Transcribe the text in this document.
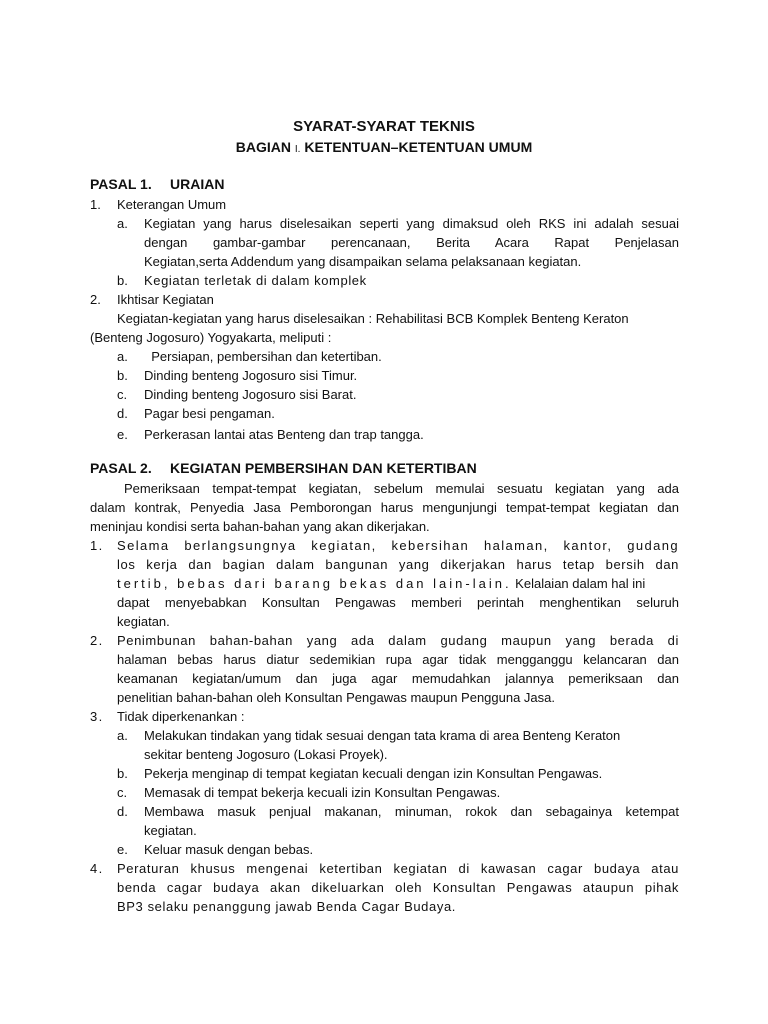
SYARAT-SYARAT TEKNIS
BAGIAN I. KETENTUAN–KETENTUAN UMUM
PASAL 1. URAIAN
1. Keterangan Umum
a. Kegiatan yang harus diselesaikan seperti yang dimaksud oleh RKS ini adalah sesuai
dengan gambar-gambar perencanaan, Berita Acara Rapat Penjelasan
Kegiatan,serta Addendum yang disampaikan selama pelaksanaan kegiatan.
b. Kegiatan terletak di dalam komplek
2. Ikhtisar Kegiatan
Kegiatan-kegiatan yang harus diselesaikan : Rehabilitasi BCB Komplek Benteng Keraton
(Benteng Jogosuro) Yogyakarta, meliputi :
a. Persiapan, pembersihan dan ketertiban.
b. Dinding benteng Jogosuro sisi Timur.
c. Dinding benteng Jogosuro sisi Barat.
d. Pagar besi pengaman.
e. Perkerasan lantai atas Benteng dan trap tangga.
PASAL 2. KEGIATAN PEMBERSIHAN DAN KETERTIBAN
Pemeriksaan tempat-tempat kegiatan, sebelum memulai sesuatu kegiatan yang ada
dalam kontrak, Penyedia Jasa Pemborongan harus mengunjungi tempat-tempat kegiatan dan
meninjau kondisi serta bahan-bahan yang akan dikerjakan.
1. Selama berlangsungnya kegiatan, kebersihan halaman, kantor, gudang
los kerja dan bagian dalam bangunan yang dikerjakan harus tetap bersih dan
tertib, bebas dari barang bekas dan lain-lain. Kelalaian dalam hal ini
dapat menyebabkan Konsultan Pengawas memberi perintah menghentikan seluruh
kegiatan.
2. Penimbunan bahan-bahan yang ada dalam gudang maupun yang berada di
halaman bebas harus diatur sedemikian rupa agar tidak mengganggu kelancaran dan
keamanan kegiatan/umum dan juga agar memudahkan jalannya pemeriksaan dan
penelitian bahan-bahan oleh Konsultan Pengawas maupun Pengguna Jasa.
3. Tidak diperkenankan :
a. Melakukan tindakan yang tidak sesuai dengan tata krama di area Benteng Keraton
sekitar benteng Jogosuro (Lokasi Proyek).
b. Pekerja menginap di tempat kegiatan kecuali dengan izin Konsultan Pengawas.
c. Memasak di tempat bekerja kecuali izin Konsultan Pengawas.
d. Membawa masuk penjual makanan, minuman, rokok dan sebagainya ketempat
kegiatan.
e. Keluar masuk dengan bebas.
4. Peraturan khusus mengenai ketertiban kegiatan di kawasan cagar budaya atau
benda cagar budaya akan dikeluarkan oleh Konsultan Pengawas ataupun pihak
BP3 selaku penanggung jawab Benda Cagar Budaya.
